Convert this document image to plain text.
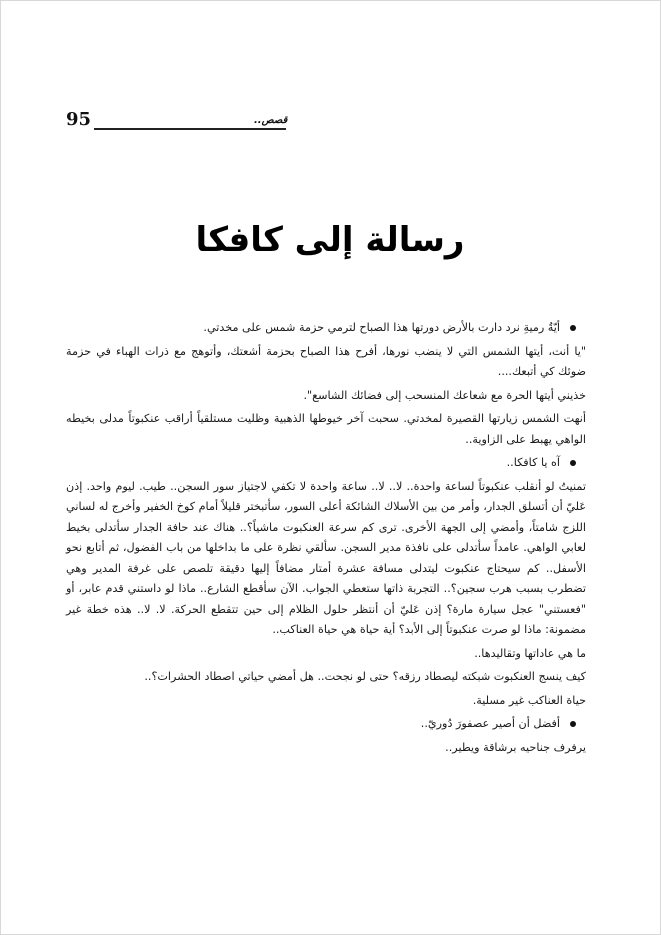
95	قصص..
رسالة إلى كافكا

أيّةُ رميةِ نرد دارت بالأرض دورتها هذا الصباح لترمي حزمة شمس على مخدتي.

"يا أنت، أيتها الشمس التي لا ينضب نورها، أفرح هذا الصباح بحزمة أشعتك، وأتوهج مع ذرات الهباء في حزمة ضوئك كي أتبعك....

خذيني أيتها الحرة مع شعاعك المنسحب إلى فضائك الشاسع".

أنهت الشمس زيارتها القصيرة لمخدتي. سحبت آخر خيوطها الذهبية وظليت مستلقياً أراقب عنكبوتاً مدلى بخيطه الواهي يهبط على الزاوية..

آه يا كافكا..

تمنيتُ لو أنقلب عنكبوتاً لساعة واحدة.. لا.. لا.. ساعة واحدة لا تكفي لاجتياز سور السجن.. طيب. ليوم واحد. إذن عَليّ أن أتسلق الجدار، وأمر من بين الأسلاك الشائكة أعلى السور، سأتبختر قليلاً أمام كوخ الخفير وأخرج له لساني اللزج شامتاً، وأمضي إلى الجهة الأخرى. ترى كم سرعة العنكبوت ماشياً؟.. هناك عند حافة الجدار سأتدلى بخيط لعابي الواهي. عامداً سأتدلى على نافذة مدير السجن. سألقي نظرة على ما بداخلها من باب الفضول، ثم أتابع نحو الأسفل.. كم سيحتاج عنكبوت ليتدلى مسافة عشرة أمتار مضافاً إليها دقيقة تلصص على غرفة المدير وهي تضطرب بسبب هرب سجين؟.. التجربة ذاتها ستعطي الجواب. الآن سأقطع الشارع.. ماذا لو داستني قدم عابر، أو "فعستني" عجل سيارة مارة؟ إذن عَليّ أن أنتظر حلول الظلام إلى حين تتقطع الحركة. لا. لا.. هذه خطة غير مضمونة: ماذا لو صرت عنكبوتاً إلى الأبد؟ أية حياة هي حياة العناكب..

ما هي عاداتها وتقاليدها..

كيف ينسج العنكبوت شبكته ليصطاد رزقه؟ حتى لو نجحت.. هل أمضي حياتي اصطاد الحشرات؟..

حياة العناكب غير مسلية.

أفضل أن أصير عصفورَ دُوريّ..

يرفرف جناحيه برشاقة ويطير..
